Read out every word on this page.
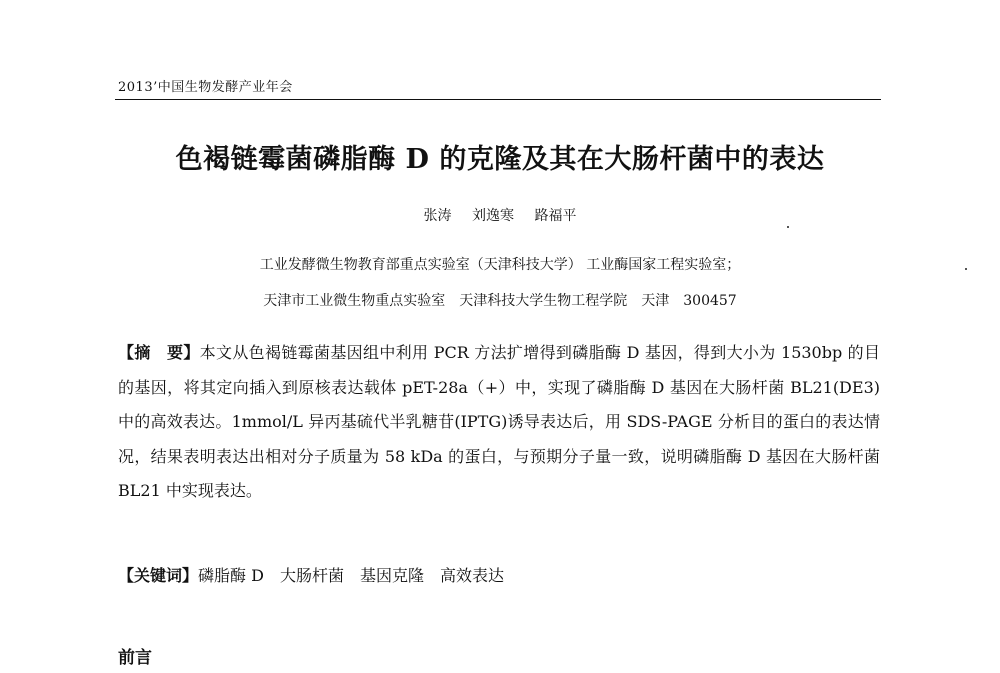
2013’中国生物发酵产业年会
色褐链霉菌磷脂酶 D 的克隆及其在大肠杆菌中的表达
张涛 刘逸寒 路福平
工业发酵微生物教育部重点实验室（天津科技大学） 工业酶国家工程实验室；
天津市工业微生物重点实验室　天津科技大学生物工程学院　天津　300457
【摘　要】本文从色褐链霉菌基因组中利用 PCR 方法扩增得到磷脂酶 D 基因，得到大小为 1530bp 的目的基因，将其定向插入到原核表达载体 pET-28a（+）中，实现了磷脂酶 D 基因在大肠杆菌 BL21(DE3)中的高效表达。1mmol/L 异丙基硫代半乳糖苷(IPTG)诱导表达后，用 SDS-PAGE 分析目的蛋白的表达情况，结果表明表达出相对分子质量为 58 kDa 的蛋白，与预期分子量一致，说明磷脂酶 D 基因在大肠杆菌 BL21 中实现表达。
【关键词】磷脂酶 D 大肠杆菌 基因克隆 高效表达
前言
